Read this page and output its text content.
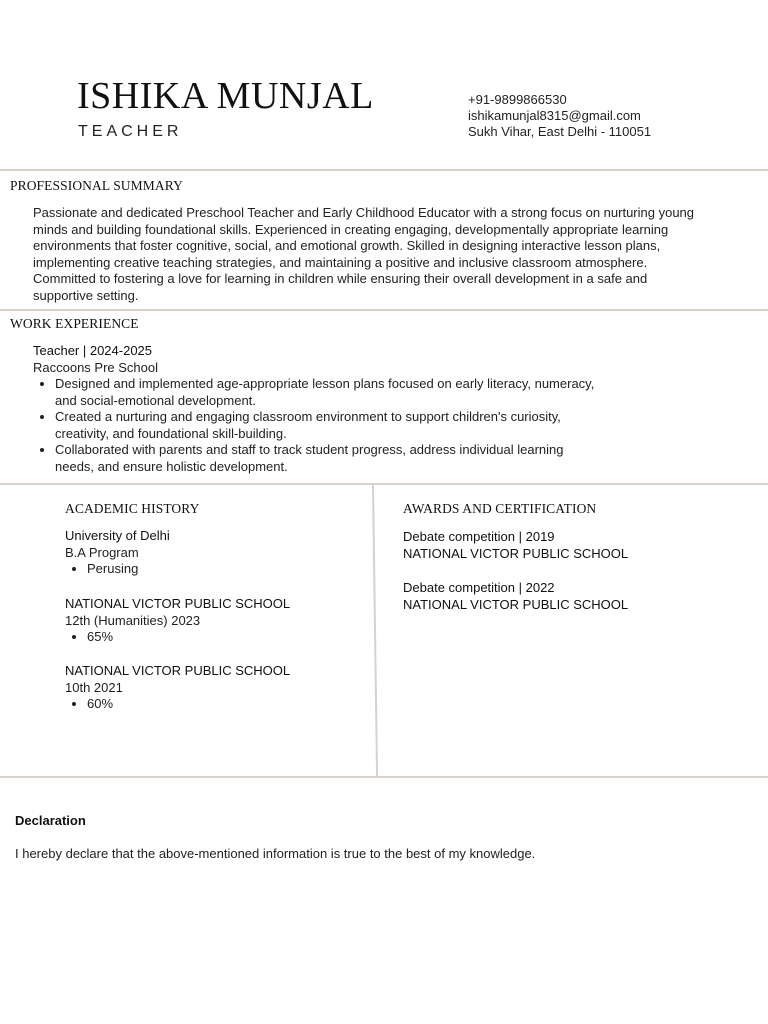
ISHIKA MUNJAL
TEACHER
+91-9899866530
ishikamunjal8315@gmail.com
Sukh Vihar, East Delhi - 110051
PROFESSIONAL SUMMARY
Passionate and dedicated Preschool Teacher and Early Childhood Educator with a strong focus on nurturing young
minds and building foundational skills. Experienced in creating engaging, developmentally appropriate learning
environments that foster cognitive, social, and emotional growth. Skilled in designing interactive lesson plans,
implementing creative teaching strategies, and maintaining a positive and inclusive classroom atmosphere.
Committed to fostering a love for learning in children while ensuring their overall development in a safe and
supportive setting.
WORK EXPERIENCE
Teacher | 2024-2025
Raccoons Pre School
• Designed and implemented age-appropriate lesson plans focused on early literacy, numeracy,
and social-emotional development.
• Created a nurturing and engaging classroom environment to support children's curiosity,
creativity, and foundational skill-building.
• Collaborated with parents and staff to track student progress, address individual learning
needs, and ensure holistic development.
ACADEMIC HISTORY
University of Delhi
B.A Program
• Perusing
NATIONAL VICTOR PUBLIC SCHOOL
12th (Humanities) 2023
• 65%
NATIONAL VICTOR PUBLIC SCHOOL
10th 2021
• 60%
AWARDS AND CERTIFICATION
Debate competition | 2019
NATIONAL VICTOR PUBLIC SCHOOL
Debate competition | 2022
NATIONAL VICTOR PUBLIC SCHOOL
Declaration
I hereby declare that the above-mentioned information is true to the best of my knowledge.
